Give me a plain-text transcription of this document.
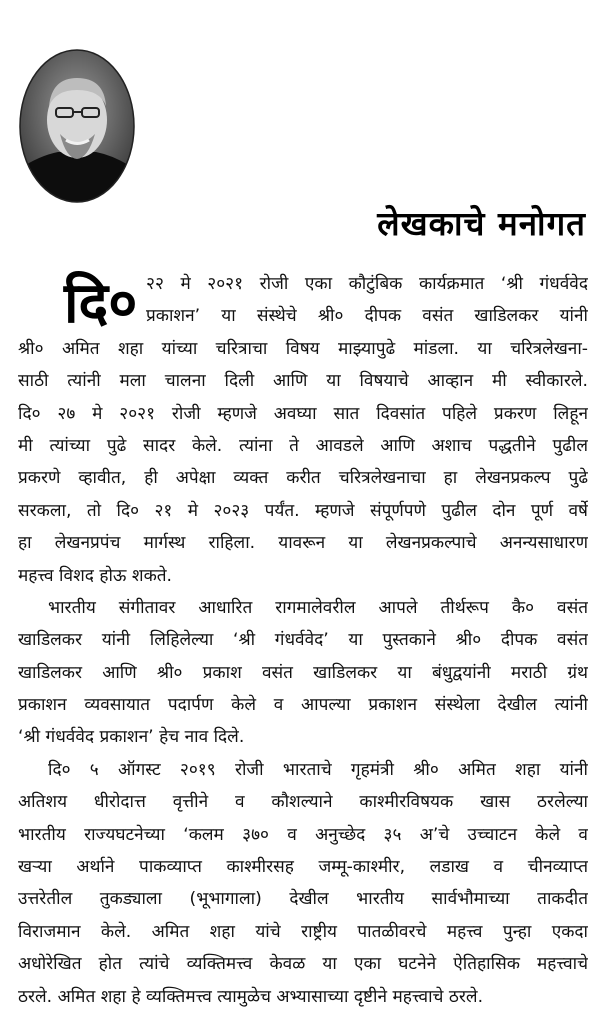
लेखकाचे मनोगत
दि० २२ मे २०२१ रोजी एका कौटुंबिक कार्यक्रमात ‘श्री गंधर्ववेद
प्रकाशन’ या संस्थेचे श्री० दीपक वसंत खाडिलकर यांनी
श्री० अमित शहा यांच्या चरित्राचा विषय माझ्यापुढे मांडला. या चरित्रलेखना-
साठी त्यांनी मला चालना दिली आणि या विषयाचे आव्हान मी स्वीकारले.
दि० २७ मे २०२१ रोजी म्हणजे अवघ्या सात दिवसांत पहिले प्रकरण लिहून
मी त्यांच्या पुढे सादर केले. त्यांना ते आवडले आणि अशाच पद्धतीने पुढील
प्रकरणे व्हावीत, ही अपेक्षा व्यक्त करीत चरित्रलेखनाचा हा लेखनप्रकल्प पुढे
सरकला, तो दि० २१ मे २०२३ पर्यंत. म्हणजे संपूर्णपणे पुढील दोन पूर्ण वर्षे
हा लेखनप्रपंच मार्गस्थ राहिला. यावरून या लेखनप्रकल्पाचे अनन्यसाधारण
महत्त्व विशद होऊ शकते.
भारतीय संगीतावर आधारित रागमालेवरील आपले तीर्थरूप कै० वसंत
खाडिलकर यांनी लिहिलेल्या ‘श्री गंधर्ववेद’ या पुस्तकाने श्री० दीपक वसंत
खाडिलकर आणि श्री० प्रकाश वसंत खाडिलकर या बंधुद्वयांनी मराठी ग्रंथ
प्रकाशन व्यवसायात पदार्पण केले व आपल्या प्रकाशन संस्थेला देखील त्यांनी
‘श्री गंधर्ववेद प्रकाशन’ हेच नाव दिले.
दि० ५ ऑगस्ट २०१९ रोजी भारताचे गृहमंत्री श्री० अमित शहा यांनी
अतिशय धीरोदात्त वृत्तीने व कौशल्याने काश्मीरविषयक खास ठरलेल्या
भारतीय राज्यघटनेच्या ‘कलम ३७० व अनुच्छेद ३५ अ’चे उच्चाटन केले व
खऱ्या अर्थाने पाकव्याप्त काश्मीरसह जम्मू-काश्मीर, लडाख व चीनव्याप्त
उत्तरेतील तुकड्याला (भूभागाला) देखील भारतीय सार्वभौमाच्या ताकदीत
विराजमान केले. अमित शहा यांचे राष्ट्रीय पातळीवरचे महत्त्व पुन्हा एकदा
अधोरेखित होत त्यांचे व्यक्तिमत्त्व केवळ या एका घटनेने ऐतिहासिक महत्त्वाचे
ठरले. अमित शहा हे व्यक्तिमत्त्व त्यामुळेच अभ्यासाच्या दृष्टीने महत्त्वाचे ठरले.
